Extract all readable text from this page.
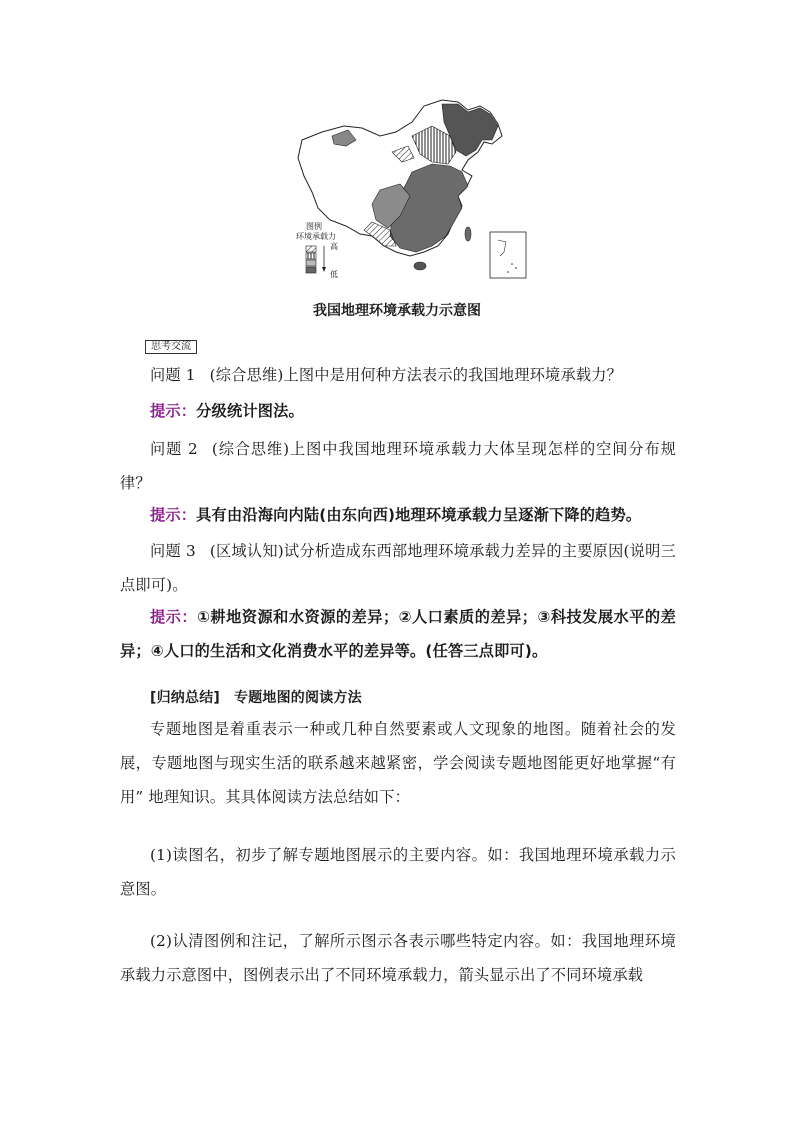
图例
环境承载力
高
低
我国地理环境承载力示意图
思考交流
问题 1 (综合思维)上图中是用何种方法表示的我国地理环境承载力？
提示：分级统计图法。
问题 2 (综合思维)上图中我国地理环境承载力大体呈现怎样的空间分布规律？
提示：具有由沿海向内陆(由东向西)地理环境承载力呈逐渐下降的趋势。
问题 3 (区域认知)试分析造成东西部地理环境承载力差异的主要原因(说明三点即可)。
提示：①耕地资源和水资源的差异；②人口素质的差异；③科技发展水平的差异；④人口的生活和文化消费水平的差异等。(任答三点即可)。
[归纳总结] 专题地图的阅读方法
专题地图是着重表示一种或几种自然要素或人文现象的地图。随着社会的发展，专题地图与现实生活的联系越来越紧密，学会阅读专题地图能更好地掌握“有用” 地理知识。其具体阅读方法总结如下：
(1)读图名，初步了解专题地图展示的主要内容。如：我国地理环境承载力示意图。
(2)认清图例和注记，了解所示图示各表示哪些特定内容。如：我国地理环境承载力示意图中，图例表示出了不同环境承载力，箭头显示出了不同环境承载
